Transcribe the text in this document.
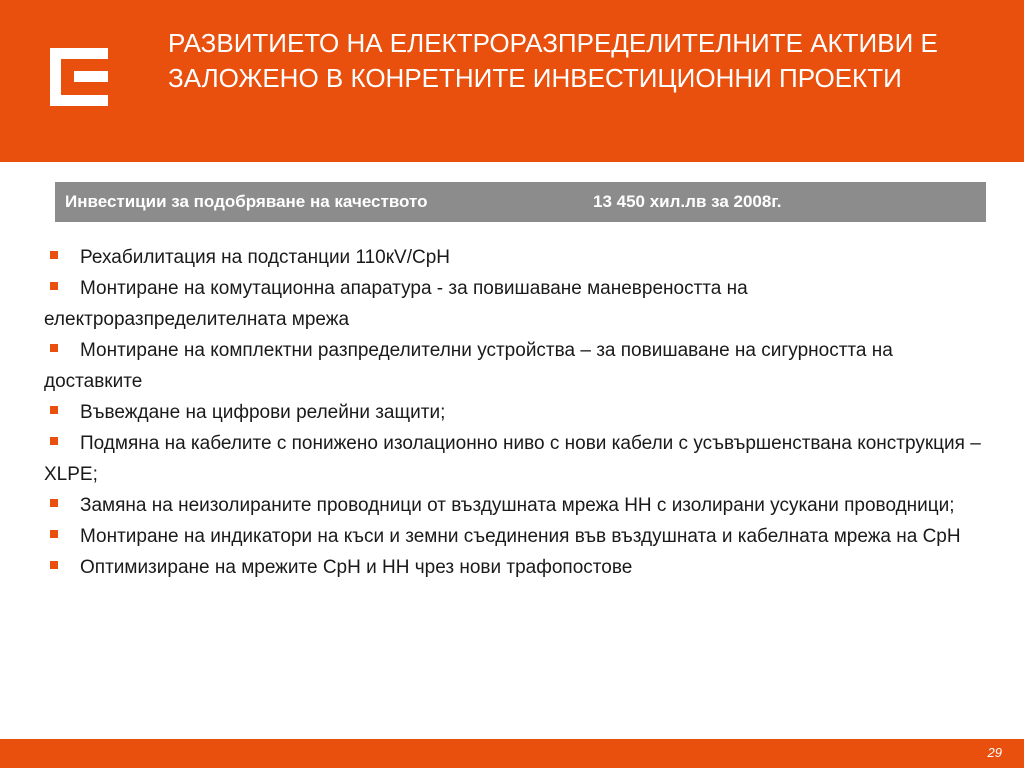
РАЗВИТИЕТО НА ЕЛЕКТРОРАЗПРЕДЕЛИТЕЛНИТЕ АКТИВИ Е ЗАЛОЖЕНО В КОНРЕТНИТЕ ИНВЕСТИЦИОННИ ПРОЕКТИ
Инвестиции за подобряване на качеството	13 450 хил.лв за 2008г.
Рехабилитация на подстанции 110кV/СрН
Монтиране на комутационна апаратура - за повишаване маневреността на електроразпределителната мрежа
Монтиране на комплектни разпределителни устройства – за повишаване на сигурността на доставките
Въвеждане на цифрови релейни защити;
Подмяна на кабелите с понижено изолационно ниво с нови кабели с усъвършенствана конструкция – XLPE;
Замяна на неизолираните проводници от въздушната мрежа НН с изолирани усукани проводници;
Монтиране на индикатори на къси и земни съединения във въздушната и кабелната мрежа на СрН
Оптимизиране на мрежите СрН и НН чрез нови трафопостове
29
